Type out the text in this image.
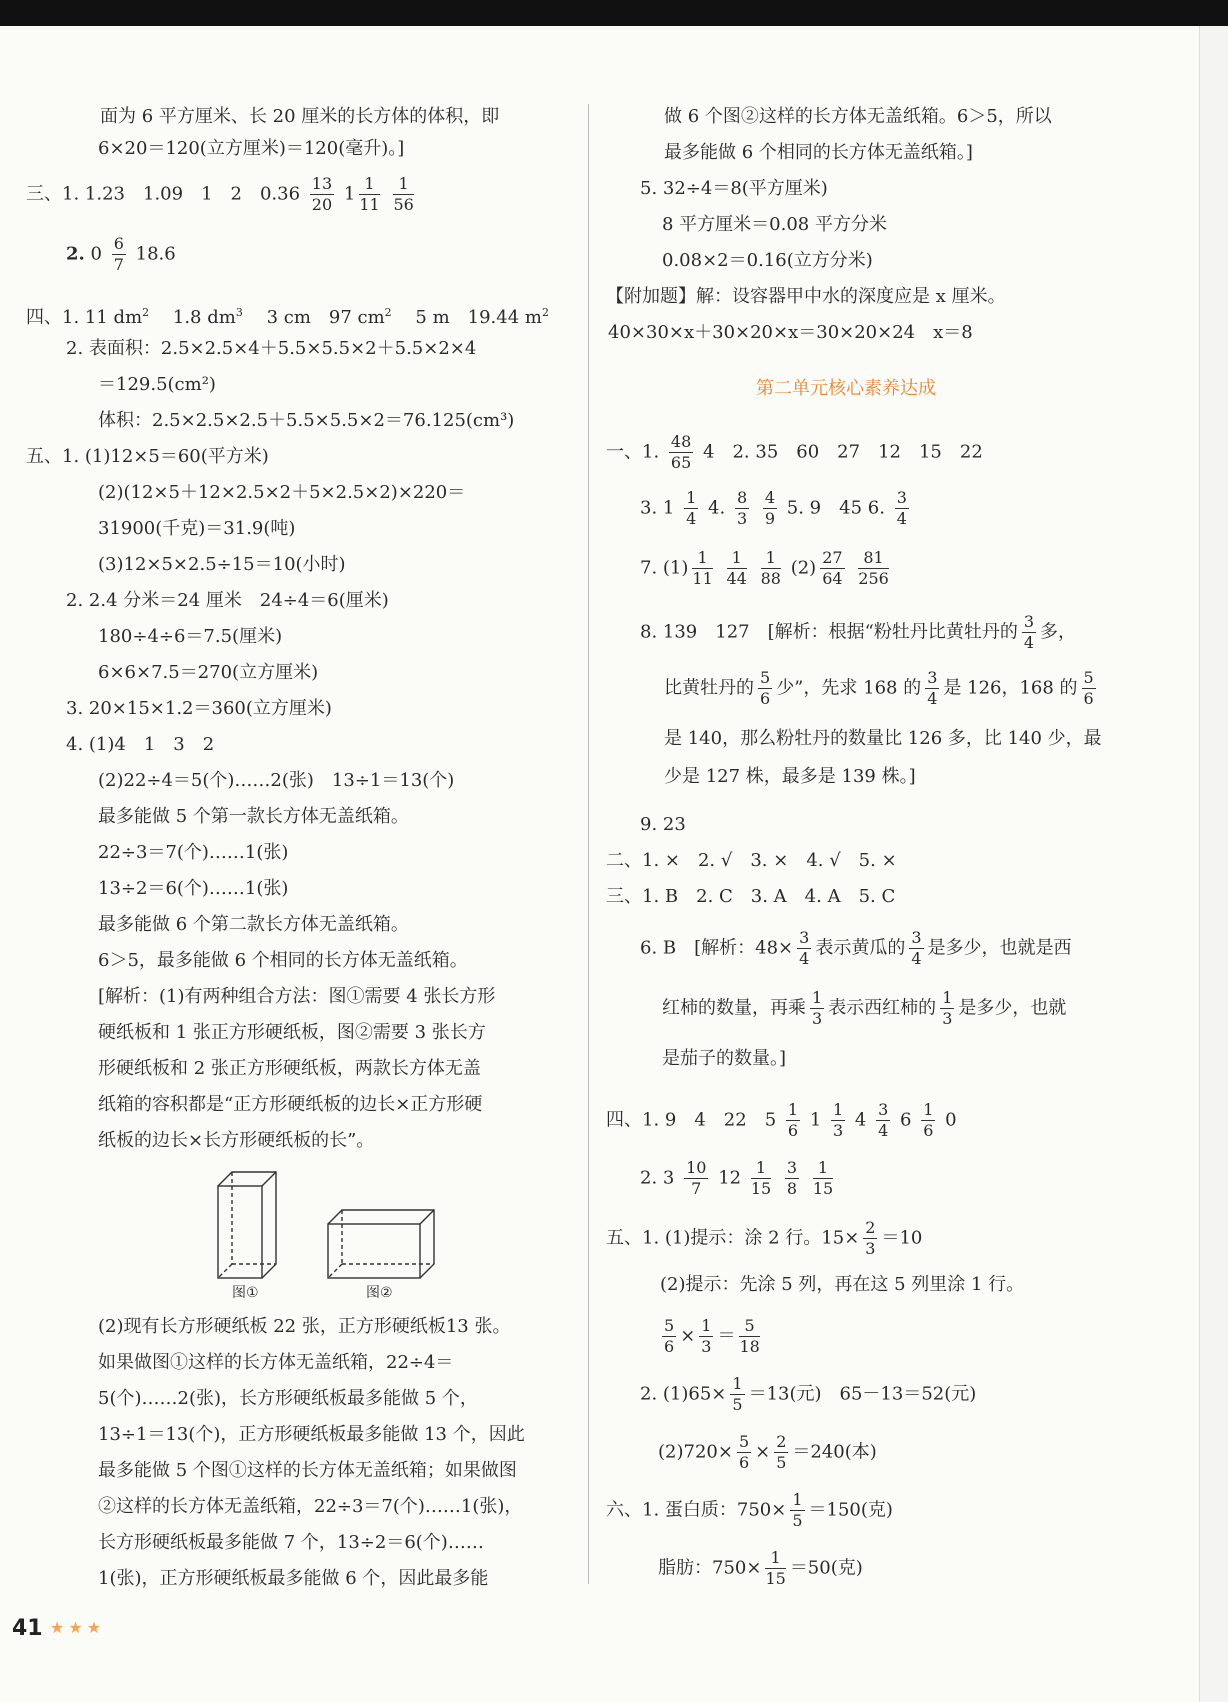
面为 6 平方厘米、长 20 厘米的长方体的体积，即
6×20＝120(立方厘米)＝120(毫升)。]
三、1. 1.23　1.09　1　2　$0.36 \frac{13}{20} 1 \frac{1}{11}$
$\frac{1}{56}$
2. $0 \frac{6}{7} 18.6$
四、1. 11 $dm^2$ 　 1.8 $dm^3$ 　 3 cm　97 $cm^2$ 　 5 m　19.44 $m^2$
2. 表面积：2.5×2.5×4＋5.5×5.5×2＋5.5×2×4
＝129.5(cm²)
体积：2.5×2.5×2.5＋5.5×5.5×2＝76.125(cm³)
五、1. (1)12×5＝60(平方米)
(2)(12×5＋12×2.5×2＋5×2.5×2)×220＝
31900(千克)＝31.9(吨)
(3)12×5×2.5÷15＝10(小时)
2. 2.4 分米＝24 厘米　24÷4＝6(厘米)
180÷4÷6＝7.5(厘米)
6×6×7.5＝270(立方厘米)
3. 20×15×1.2＝360(立方厘米)
4. (1)4　1　3　2
(2)22÷4＝5(个)……2(张)　13÷1＝13(个)
最多能做 5 个第一款长方体无盖纸箱。
22÷3＝7(个)……1(张)
13÷2＝6(个)……1(张)
最多能做 6 个第二款长方体无盖纸箱。
6＞5，最多能做 6 个相同的长方体无盖纸箱。
[解析：(1)有两种组合方法：图①需要 4 张长方形
硬纸板和 1 张正方形硬纸板，图②需要 3 张长方
形硬纸板和 2 张正方形硬纸板，两款长方体无盖
纸箱的容积都是“正方形硬纸板的边长×正方形硬
纸板的边长×长方形硬纸板的长”。
图①	图②
(2)现有长方形硬纸板 22 张，正方形硬纸板13 张。
如果做图①这样的长方体无盖纸箱，22÷4＝
5(个)……2(张)，长方形硬纸板最多能做 5 个，
13÷1＝13(个)，正方形硬纸板最多能做 13 个，因此
最多能做 5 个图①这样的长方体无盖纸箱；如果做图
②这样的长方体无盖纸箱，22÷3＝7(个)……1(张)，
长方形硬纸板最多能做 7 个，13÷2＝6(个)……
1(张)，正方形硬纸板最多能做 6 个，因此最多能
做 6 个图②这样的长方体无盖纸箱。6＞5，所以
最多能做 6 个相同的长方体无盖纸箱。]
5. 32÷4＝8(平方厘米)
8 平方厘米＝0.08 平方分米
0.08×2＝0.16(立方分米)
【附加题】解：设容器甲中水的深度应是 x 厘米。
40×30×x＋30×20×x＝30×20×24　x＝8
第二单元核心素养达成
一、1. $\frac{48}{65} 4$　2. 35　60　27　12　15　22
3. $1 \frac{1}{4} 4$. $\frac{8}{3}$
$\frac{4}{9} 5$. 9　45 6. $\frac{3}{4}$
7. $(1) \frac{1}{11}$
$\frac{1}{44}$
$\frac{1}{88} (2) \frac{27}{64}$
$\frac{81}{256}$
8. 139　127　[解析：根据“粉牡丹比黄牡丹的 $\frac{3}{4}$ 多，
比黄牡丹的 $\frac{5}{6}$ 少”，先求 168 的 $\frac{3}{4}$ 是 126，168 的 $\frac{5}{6}$
是 140，那么粉牡丹的数量比 126 多，比 140 少，最
少是 127 株，最多是 139 株。]
9. 23
二、1. ×　2. √　3. ×　4. √　5. ×
三、1. B　2. C　3. A　4. A　5. C
6. B　[解析：$48\times \frac{3}{4}$ 表示黄瓜的 $\frac{3}{4}$ 是多少，也就是西
红柿的数量，再乘 $\frac{1}{3}$ 表示西红柿的 $\frac{1}{3}$ 是多少，也就
是茄子的数量。]
四、1. 9　4　22　$5 \frac{1}{6} 1 \frac{1}{3} 4 \frac{3}{4} 6 \frac{1}{6} 0$
2. $3 \frac{10}{7} 12 \frac{1}{15}$
$\frac{3}{8}$
$\frac{1}{15}$
五、1. (1)提示：涂 2 行。$15\times \frac{2}{3} =10$
(2)提示：先涂 5 列，再在这 5 列里涂 1 行。
$\frac{5}{6} \times \frac{1}{3} = \frac{5}{18}$
2. $(1)65\times \frac{1}{5} =13$(元)　65－13＝52(元)
$(2)720\times \frac{5}{6} \times \frac{2}{5} =240$(本)
六、1. 蛋白质：$750\times \frac{1}{5} =150$(克)
脂肪：$750\times \frac{1}{15} =50$(克)
41 ★★★
